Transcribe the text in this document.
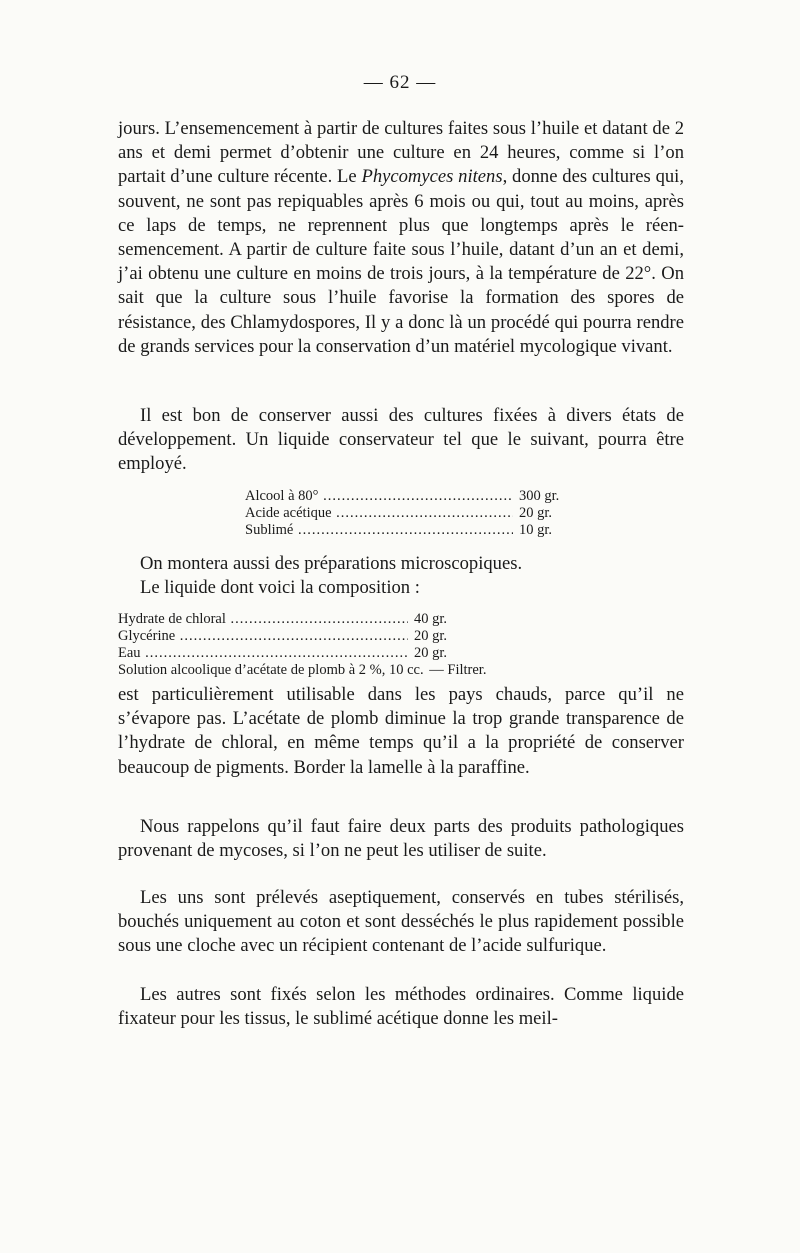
— 62 —
jours. L’ensemencement à partir de cultures faites sous l’huile et datant de 2 ans et demi permet d’obtenir une culture en 24 heures, comme si l’on partait d’une culture récente. Le Phycomyces nitens, donne des cultures qui, souvent, ne sont pas repiquables après 6 mois ou qui, tout au moins, après ce laps de temps, ne reprennent plus que longtemps après le réensemencement. A partir de culture faite sous l’huile, datant d’un an et demi, j’ai obtenu une culture en moins de trois jours, à la température de 22°. On sait que la culture sous l’huile favorise la formation des spores de résistance, des Chlamydospores, Il y a donc là un procédé qui pourra rendre de grands services pour la conservation d’un matériel mycologique vivant.
Il est bon de conserver aussi des cultures fixées à divers états de développement. Un liquide conservateur tel que le suivant, pourra être employé.
Alcool à 80° .....	300 gr.
Acide acétique .....	20 gr.
Sublimé .....	10 gr.
On montera aussi des préparations microscopiques.
Le liquide dont voici la composition :
Hydrate de chloral .....	40 gr.
Glycérine .....	20 gr.
Eau .....	20 gr.
Solution alcoolique d’acétate de plomb à 2 %, 10 cc.
— Filtrer.
est particulièrement utilisable dans les pays chauds, parce qu’il ne s’évapore pas. L’acétate de plomb diminue la trop grande transparence de l’hydrate de chloral, en même temps qu’il a la propriété de conserver beaucoup de pigments. Border la lamelle à la paraffine.
Nous rappelons qu’il faut faire deux parts des produits pathologiques provenant de mycoses, si l’on ne peut les utiliser de suite.
Les uns sont prélevés aseptiquement, conservés en tubes stérilisés, bouchés uniquement au coton et sont desséchés le plus rapidement possible sous une cloche avec un récipient contenant de l’acide sulfurique.
Les autres sont fixés selon les méthodes ordinaires. Comme liquide fixateur pour les tissus, le sublimé acétique donne les meil-
